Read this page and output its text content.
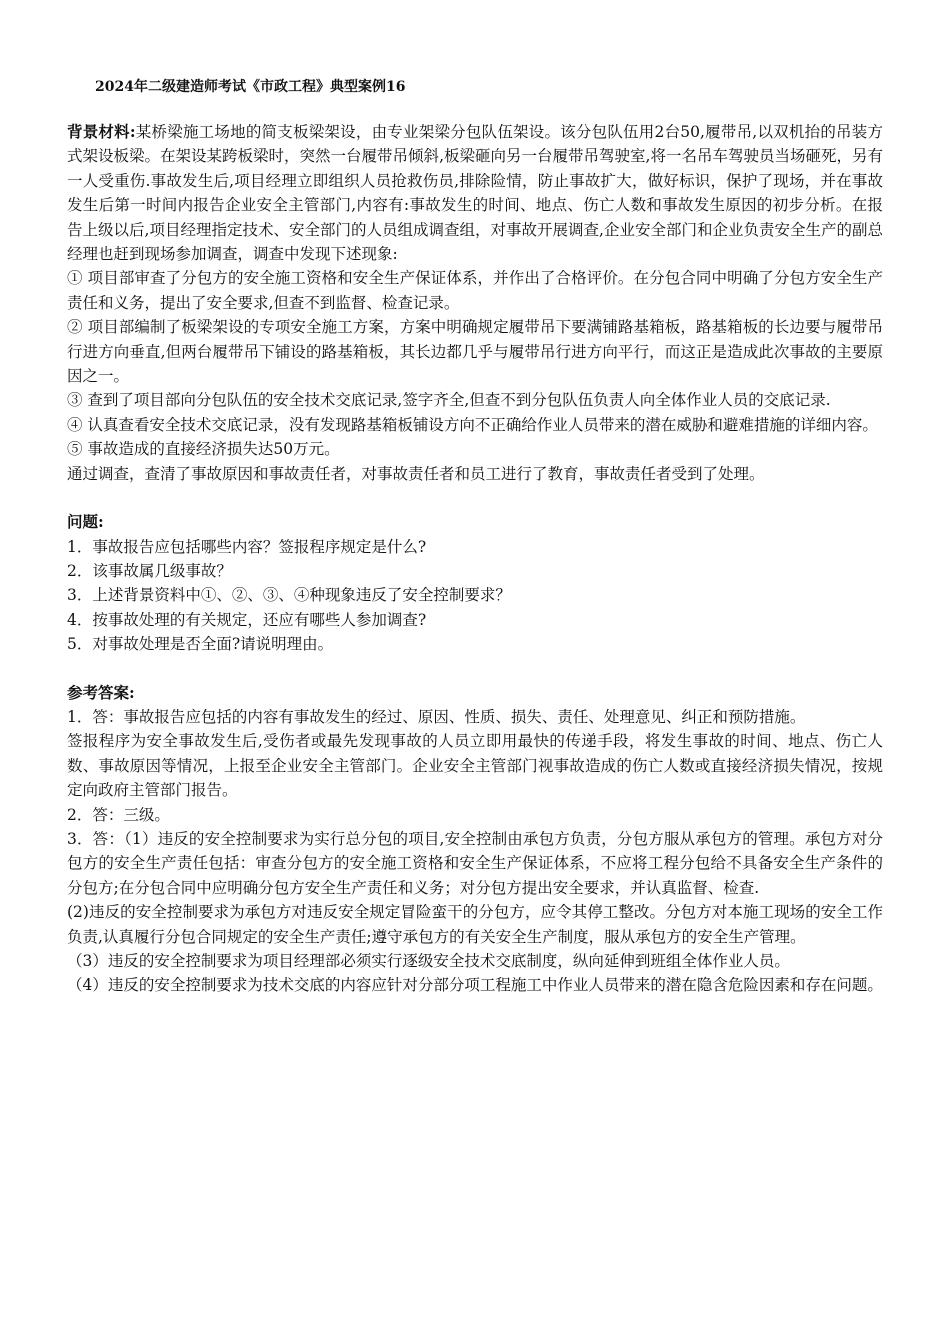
2024年二级建造师考试《市政工程》典型案例16

背景材料:某桥梁施工场地的简支板梁架设，由专业架梁分包队伍架设。该分包队伍用2台50,履带吊,以双机抬的吊装方式架设板梁。在架设某跨板梁时，突然一台履带吊倾斜,板梁砸向另一台履带吊驾驶室,将一名吊车驾驶员当场砸死，另有一人受重伤.事故发生后,项目经理立即组织人员抢救伤员,排除险情，防止事故扩大，做好标识，保护了现场，并在事故发生后第一时间内报告企业安全主管部门,内容有:事故发生的时间、地点、伤亡人数和事故发生原因的初步分析。在报告上级以后,项目经理指定技术、安全部门的人员组成调查组，对事故开展调查,企业安全部门和企业负责安全生产的副总经理也赶到现场参加调查，调查中发现下述现象:

① 项目部审查了分包方的安全施工资格和安全生产保证体系，并作出了合格评价。在分包合同中明确了分包方安全生产责任和义务，提出了安全要求,但查不到监督、检查记录。

② 项目部编制了板梁架设的专项安全施工方案，方案中明确规定履带吊下要满铺路基箱板，路基箱板的长边要与履带吊行进方向垂直,但两台履带吊下铺设的路基箱板，其长边都几乎与履带吊行进方向平行，而这正是造成此次事故的主要原因之一。

③ 查到了项目部向分包队伍的安全技术交底记录,签字齐全,但查不到分包队伍负责人向全体作业人员的交底记录.

④ 认真查看安全技术交底记录，没有发现路基箱板铺设方向不正确给作业人员带来的潜在威胁和避难措施的详细内容。

⑤ 事故造成的直接经济损失达50万元。

通过调查，查清了事故原因和事故责任者，对事故责任者和员工进行了教育，事故责任者受到了处理。

问题:

1．事故报告应包括哪些内容？签报程序规定是什么?

2．该事故属几级事故？

3．上述背景资料中①、②、③、④种现象违反了安全控制要求？

4．按事故处理的有关规定，还应有哪些人参加调查?

5．对事故处理是否全面?请说明理由。

参考答案:

1．答：事故报告应包括的内容有事故发生的经过、原因、性质、损失、责任、处理意见、纠正和预防措施。

签报程序为安全事故发生后,受伤者或最先发现事故的人员立即用最快的传递手段，将发生事故的时间、地点、伤亡人数、事故原因等情况，上报至企业安全主管部门。企业安全主管部门视事故造成的伤亡人数或直接经济损失情况，按规定向政府主管部门报告。

2．答：三级。

3．答：（1）违反的安全控制要求为实行总分包的项目,安全控制由承包方负责，分包方服从承包方的管理。承包方对分包方的安全生产责任包括：审查分包方的安全施工资格和安全生产保证体系，不应将工程分包给不具备安全生产条件的分包方;在分包合同中应明确分包方安全生产责任和义务；对分包方提出安全要求，并认真监督、检查.

(2)违反的安全控制要求为承包方对违反安全规定冒险蛮干的分包方，应令其停工整改。分包方对本施工现场的安全工作负责,认真履行分包合同规定的安全生产责任;遵守承包方的有关安全生产制度，服从承包方的安全生产管理。

（3）违反的安全控制要求为项目经理部必须实行逐级安全技术交底制度，纵向延伸到班组全体作业人员。

（4）违反的安全控制要求为技术交底的内容应针对分部分项工程施工中作业人员带来的潜在隐含危险因素和存在问题。
